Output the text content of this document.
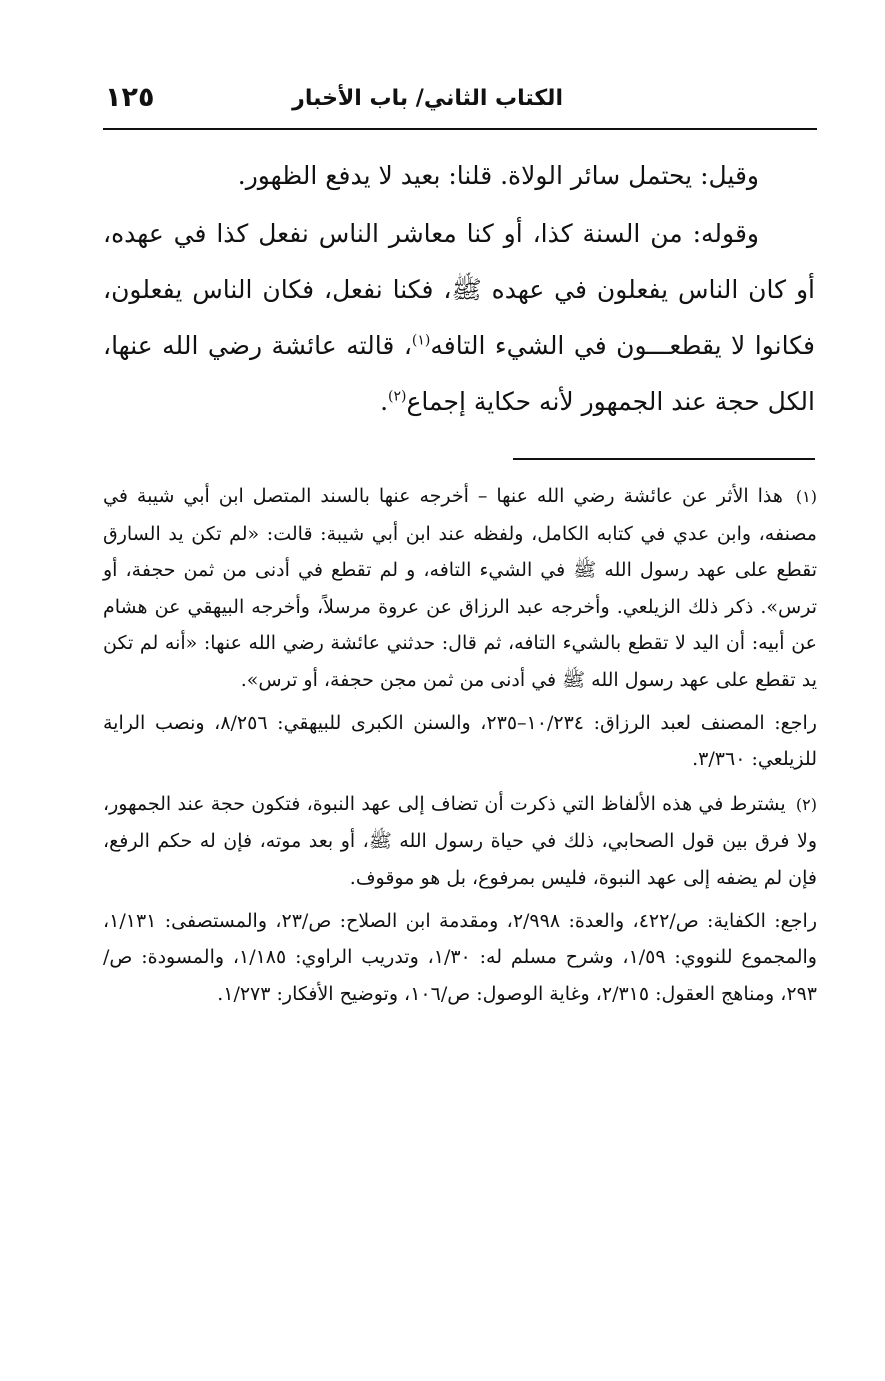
الكتاب الثاني/ باب الأخبار
١٢٥

وقيل: يحتمل سائر الولاة. قلنا: بعيد لا يدفع الظهور.

وقوله: من السنة كذا، أو كنا معاشر الناس نفعل كذا في عهده، أو كان الناس يفعلون في عهده ﷺ، فكنا نفعل، فكان الناس يفعلون، فكانوا لا يقطعـــون في الشيء التافه$^{(١)}$، قالته عائشة رضي الله عنها، الكل حجة عند الجمهور لأنه حكاية إجماع$^{(٢)}$.

(١) هذا الأثر عن عائشة رضي الله عنها – أخرجه عنها بالسند المتصل ابن أبي شيبة في مصنفه، وابن عدي في كتابه الكامل، ولفظه عند ابن أبي شيبة: قالت: «لم تكن يد السارق تقطع على عهد رسول الله ﷺ في الشيء التافه، و لم تقطع في أدنى من ثمن حجفة، أو ترس». ذكر ذلك الزيلعي. وأخرجه عبد الرزاق عن عروة مرسلاً، وأخرجه البيهقي عن هشام عن أبيه: أن اليد لا تقطع بالشيء التافه، ثم قال: حدثني عائشة رضي الله عنها: «أنه لم تكن يد تقطع على عهد رسول الله ﷺ في أدنى من ثمن مجن حجفة، أو ترس».

راجع: المصنف لعبد الرزاق: ١٠/٢٣٤–٢٣٥، والسنن الكبرى للبيهقي: ٨/٢٥٦، ونصب الراية للزيلعي: ٣/٣٦٠.

(٢) يشترط في هذه الألفاظ التي ذكرت أن تضاف إلى عهد النبوة، فتكون حجة عند الجمهور، ولا فرق بين قول الصحابي، ذلك في حياة رسول الله ﷺ، أو بعد موته، فإن له حكم الرفع، فإن لم يضفه إلى عهد النبوة، فليس بمرفوع، بل هو موقوف.

راجع: الكفاية: ص/٤٢٢، والعدة: ٢/٩٩٨، ومقدمة ابن الصلاح: ص/٢٣، والمستصفى: ١/١٣١، والمجموع للنووي: ١/٥٩، وشرح مسلم له: ١/٣٠، وتدريب الراوي: ١/١٨٥، والمسودة: ص/٢٩٣، ومناهج العقول: ٢/٣١٥، وغاية الوصول: ص/١٠٦، وتوضيح الأفكار: ١/٢٧٣.
